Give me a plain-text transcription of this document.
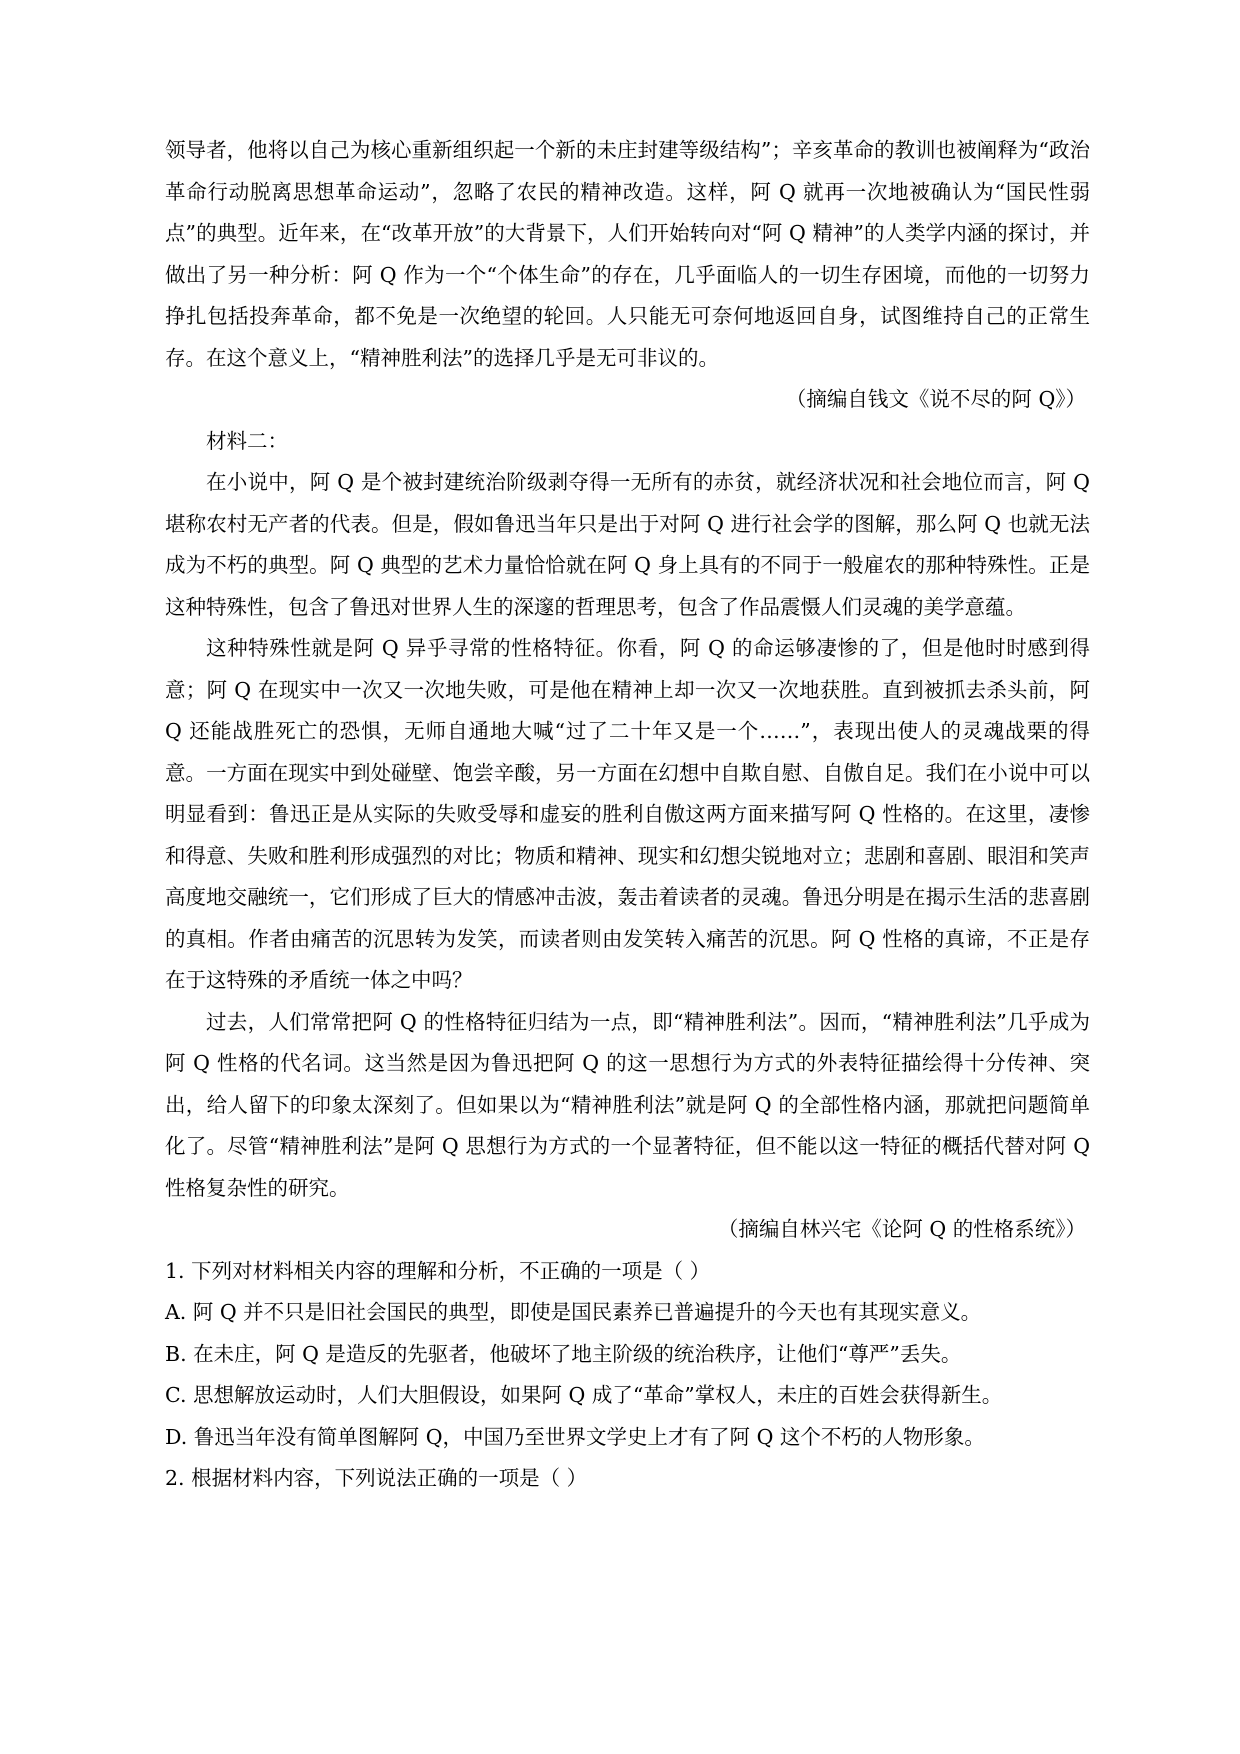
领导者，他将以自己为核心重新组织起一个新的未庄封建等级结构”；辛亥革命的教训也被阐释为“政治革命行动脱离思想革命运动”，忽略了农民的精神改造。这样，阿 Q 就再一次地被确认为“国民性弱点”的典型。近年来，在“改革开放”的大背景下，人们开始转向对“阿 Q 精神”的人类学内涵的探讨，并做出了另一种分析：阿 Q 作为一个“个体生命”的存在，几乎面临人的一切生存困境，而他的一切努力挣扎包括投奔革命，都不免是一次绝望的轮回。人只能无可奈何地返回自身，试图维持自己的正常生存。在这个意义上，“精神胜利法”的选择几乎是无可非议的。

（摘编自钱文《说不尽的阿 Q》）

材料二：

在小说中，阿 Q 是个被封建统治阶级剥夺得一无所有的赤贫，就经济状况和社会地位而言，阿 Q 堪称农村无产者的代表。但是，假如鲁迅当年只是出于对阿 Q 进行社会学的图解，那么阿 Q 也就无法成为不朽的典型。阿 Q 典型的艺术力量恰恰就在阿 Q 身上具有的不同于一般雇农的那种特殊性。正是这种特殊性，包含了鲁迅对世界人生的深邃的哲理思考，包含了作品震慑人们灵魂的美学意蕴。

这种特殊性就是阿 Q 异乎寻常的性格特征。你看，阿 Q 的命运够凄惨的了，但是他时时感到得意；阿 Q 在现实中一次又一次地失败，可是他在精神上却一次又一次地获胜。直到被抓去杀头前，阿 Q 还能战胜死亡的恐惧，无师自通地大喊“过了二十年又是一个……”，表现出使人的灵魂战栗的得意。一方面在现实中到处碰壁、饱尝辛酸，另一方面在幻想中自欺自慰、自傲自足。我们在小说中可以明显看到：鲁迅正是从实际的失败受辱和虚妄的胜利自傲这两方面来描写阿 Q 性格的。在这里，凄惨和得意、失败和胜利形成强烈的对比；物质和精神、现实和幻想尖锐地对立；悲剧和喜剧、眼泪和笑声高度地交融统一，它们形成了巨大的情感冲击波，轰击着读者的灵魂。鲁迅分明是在揭示生活的悲喜剧的真相。作者由痛苦的沉思转为发笑，而读者则由发笑转入痛苦的沉思。阿 Q 性格的真谛，不正是存在于这特殊的矛盾统一体之中吗？

过去，人们常常把阿 Q 的性格特征归结为一点，即“精神胜利法”。因而，“精神胜利法”几乎成为阿 Q 性格的代名词。这当然是因为鲁迅把阿 Q 的这一思想行为方式的外表特征描绘得十分传神、突出，给人留下的印象太深刻了。但如果以为“精神胜利法”就是阿 Q 的全部性格内涵，那就把问题简单化了。尽管“精神胜利法”是阿 Q 思想行为方式的一个显著特征，但不能以这一特征的概括代替对阿 Q 性格复杂性的研究。

（摘编自林兴宅《论阿 Q 的性格系统》）

1. 下列对材料相关内容的理解和分析，不正确的一项是（ ）

A. 阿 Q 并不只是旧社会国民的典型，即使是国民素养已普遍提升的今天也有其现实意义。

B. 在未庄，阿 Q 是造反的先驱者，他破坏了地主阶级的统治秩序，让他们“尊严”丢失。

C. 思想解放运动时，人们大胆假设，如果阿 Q 成了“革命”掌权人，未庄的百姓会获得新生。

D. 鲁迅当年没有简单图解阿 Q，中国乃至世界文学史上才有了阿 Q 这个不朽的人物形象。

2. 根据材料内容，下列说法正确的一项是（ ）
